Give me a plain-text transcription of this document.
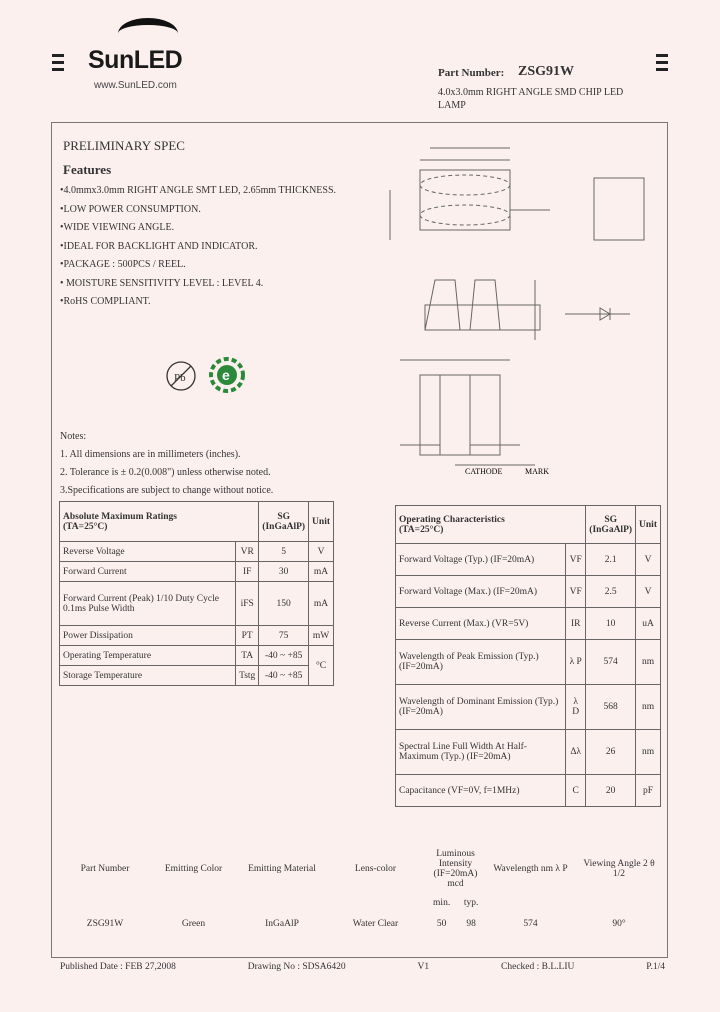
SunLED
www.SunLED.com
Part Number: ZSG91W
4.0x3.0mm RIGHT ANGLE SMD CHIP LED LAMP
PRELIMINARY SPEC
Features
•4.0mmx3.0mm RIGHT ANGLE SMT LED, 2.65mm THICKNESS.
•LOW POWER CONSUMPTION.
•WIDE VIEWING ANGLE.
•IDEAL FOR BACKLIGHT AND INDICATOR.
•PACKAGE : 500PCS / REEL.
• MOISTURE SENSITIVITY LEVEL : LEVEL 4.
•RoHS COMPLIANT.
Pb	e
Notes:
1. All dimensions are in millimeters (inches).
2. Tolerance is ± 0.2(0.008") unless otherwise noted.
3.Specifications are subject to change without notice.
CATHODE	MARK
Absolute Maximum Ratings
(TA=25°C)		SG
(InGaAlP)	Unit
Reverse Voltage	VR	5	V
Forward Current	IF	30	mA
Forward Current (Peak) 1/10 Duty Cycle 0.1ms Pulse Width	iFS	150	mA
Power Dissipation	PT	75	mW
Operating Temperature	TA	-40 ~ +85	°C
Storage Temperature	Tstg	-40 ~ +85	
Operating Characteristics
(TA=25°C)		SG
(InGaAlP)	Unit
Forward Voltage (Typ.) (IF=20mA)	VF	2.1	V
Forward Voltage (Max.) (IF=20mA)	VF	2.5	V
Reverse Current (Max.) (VR=5V)	IR	10	uA
Wavelength of Peak Emission (Typ.) (IF=20mA)	λ P	574	nm
Wavelength of Dominant Emission (Typ.) (IF=20mA)	λ D	568	nm
Spectral Line Full Width At Half-Maximum (Typ.) (IF=20mA)	Δλ	26	nm
Capacitance (VF=0V, f=1MHz)	C	20	pF
Part Number	Emitting Color	Emitting Material	Lens-color	Luminous Intensity (IF=20mA) mcd		Wavelength nm λ P	Viewing Angle 2 θ 1/2
				min.	typ.		
ZSG91W	Green	InGaAlP	Water Clear	50	98	574	90°
Published Date : FEB 27,2008	Drawing No : SDSA6420	V1	Checked : B.L.LIU	P.1/4
